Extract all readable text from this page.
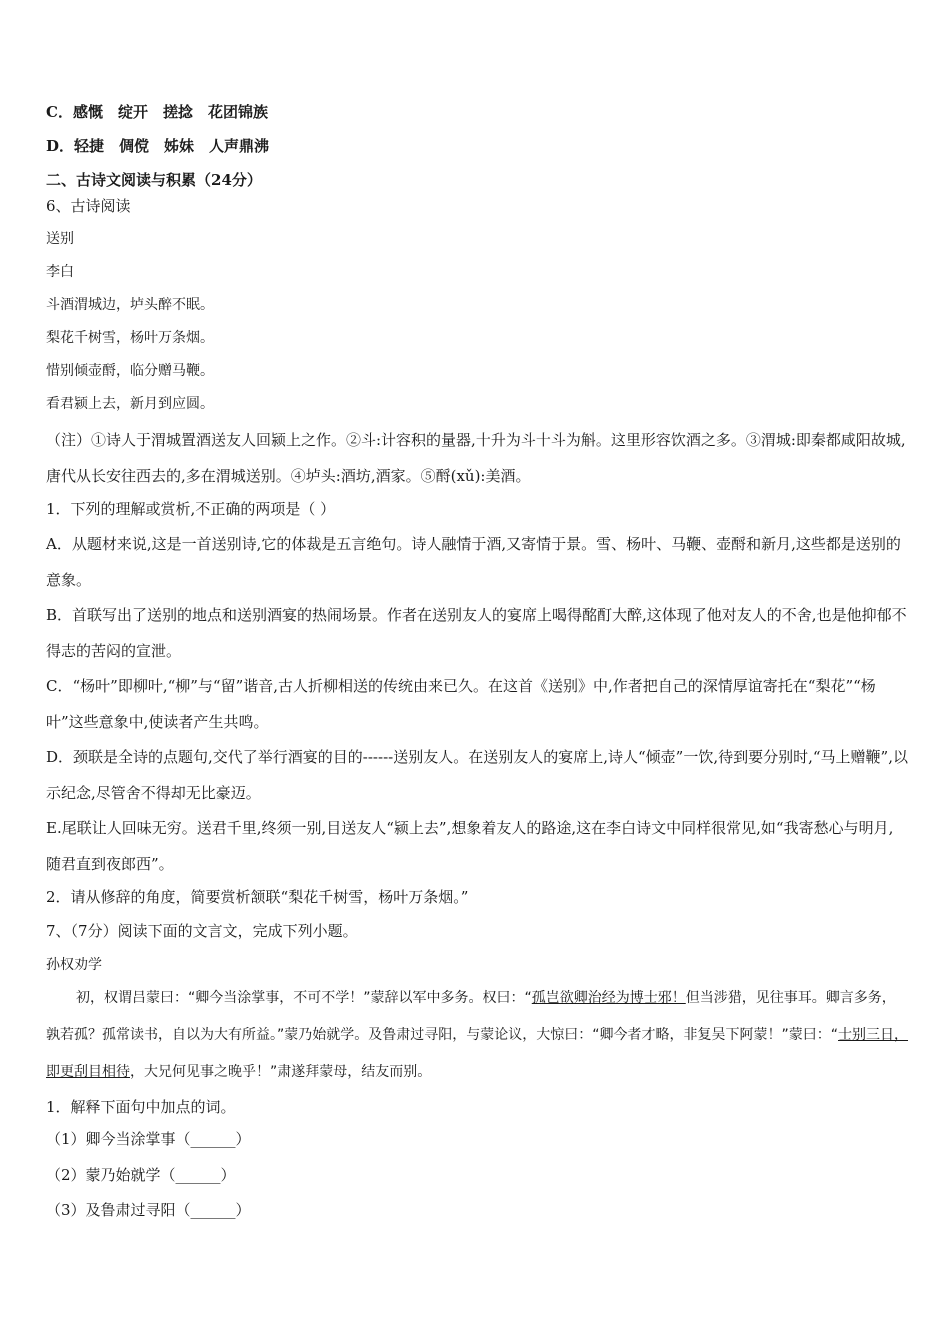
C．感慨　绽开　搓捻　花团锦族
D．轻捷　倜傥　姊妹　人声鼎沸
二、古诗文阅读与积累（24分）
6、古诗阅读
送别
李白
斗酒渭城边，垆头醉不眠。
梨花千树雪，杨叶万条烟。
惜别倾壶酹，临分赠马鞭。
看君颍上去，新月到应圆。
（注）①诗人于渭城置酒送友人回颍上之作。②斗:计容积的量器,十升为斗十斗为斛。这里形容饮酒之多。③渭城:即秦都咸阳故城,唐代从长安往西去的,多在渭城送别。④垆头:酒坊,酒家。⑤酹(xǔ):美酒。
1．下列的理解或赏析,不正确的两项是（ ）
A．从题材来说,这是一首送别诗,它的体裁是五言绝句。诗人融情于酒,又寄情于景。雪、杨叶、马鞭、壶酹和新月,这些都是送别的意象。
B．首联写出了送别的地点和送别酒宴的热闹场景。作者在送别友人的宴席上喝得酩酊大醉,这体现了他对友人的不舍,也是他抑郁不得志的苦闷的宣泄。
C．“杨叶”即柳叶,“柳”与“留”谐音,古人折柳相送的传统由来已久。在这首《送别》中,作者把自己的深情厚谊寄托在“梨花”“杨叶”这些意象中,使读者产生共鸣。
D．颈联是全诗的点题句,交代了举行酒宴的目的------送别友人。在送别友人的宴席上,诗人“倾壶”一饮,待到要分别时,“马上赠鞭”,以示纪念,尽管舍不得却无比豪迈。
E.尾联让人回味无穷。送君千里,终须一别,目送友人“颍上去”,想象着友人的路途,这在李白诗文中同样很常见,如“我寄愁心与明月,随君直到夜郎西”。
2．请从修辞的角度，简要赏析颔联“梨花千树雪，杨叶万条烟。”
7、（7分）阅读下面的文言文，完成下列小题。
孙权劝学
初，权谓吕蒙曰：“卿今当涂掌事，不可不学！”蒙辞以军中多务。权曰：“孤岂欲卿治经为博士邪！但当涉猎，见往事耳。卿言多务，孰若孤？孤常读书，自以为大有所益。”蒙乃始就学。及鲁肃过寻阳，与蒙论议，大惊曰：“卿今者才略，非复吴下阿蒙！”蒙曰：“士别三日，即更刮目相待，大兄何见事之晚乎！”肃遂拜蒙母，结友而别。
1．解释下面句中加点的词。
（1）卿今当涂掌事（______）
（2）蒙乃始就学（______）
（3）及鲁肃过寻阳（______）
